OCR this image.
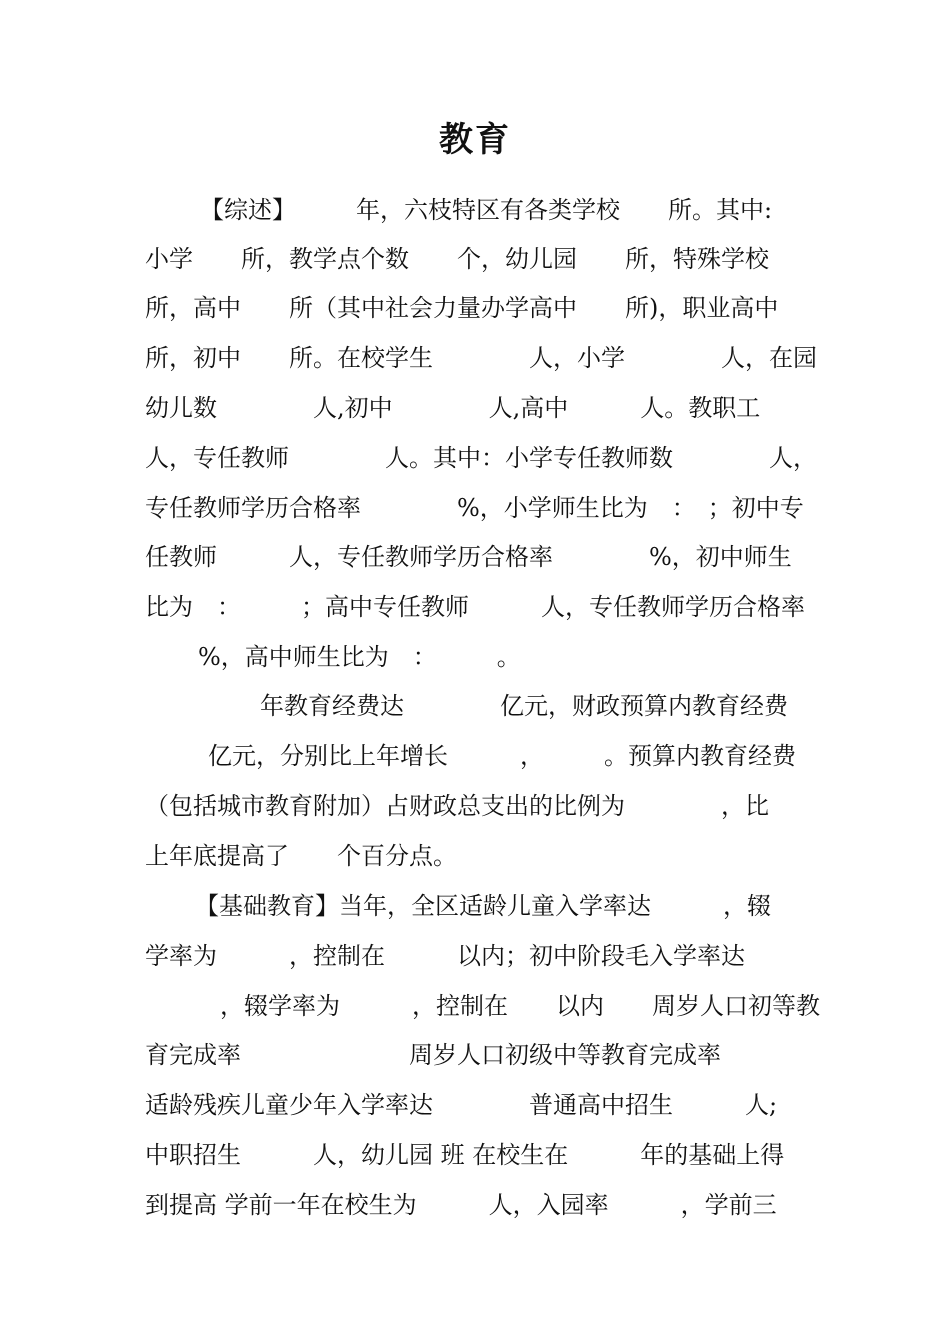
教育
【综述】　　　年，六枝特区有各类学校　　所。其中:
小学　　所，教学点个数　　个，幼儿园　　所，特殊学校
所，高中　　所（其中社会力量办学高中　　所)，职业高中
所，初中　　所。在校学生　　　　人，小学　　　　人，在园
幼儿数　　　　人,初中　　　　人,高中　　　人。教职工
人，专任教师　　　　人。其中：小学专任教师数　　　　人，
专任教师学历合格率　　　　%，小学师生比为　：　；初中专
任教师　　　人，专任教师学历合格率　　　　%，初中师生
比为　：　　　；高中专任教师　　　人，专任教师学历合格率
%，高中师生比为　：　　　。
年教育经费达　　　　亿元，财政预算内教育经费
亿元，分别比上年增长　　　，　　　。预算内教育经费
（包括城市教育附加）占财政总支出的比例为　　　　，比
上年底提高了　　个百分点。
【基础教育】当年，全区适龄儿童入学率达　　　，辍
学率为　　　，控制在　　　以内；初中阶段毛入学率达
，辍学率为　　　，控制在　　以内　　周岁人口初等教
育完成率　　　　　　　周岁人口初级中等教育完成率
适龄残疾儿童少年入学率达　　　　普通高中招生　　　人;
中职招生　　　人，幼儿园 班 在校生在　　　年的基础上得
到提高 学前一年在校生为　　　人，入园率　　　，学前三
